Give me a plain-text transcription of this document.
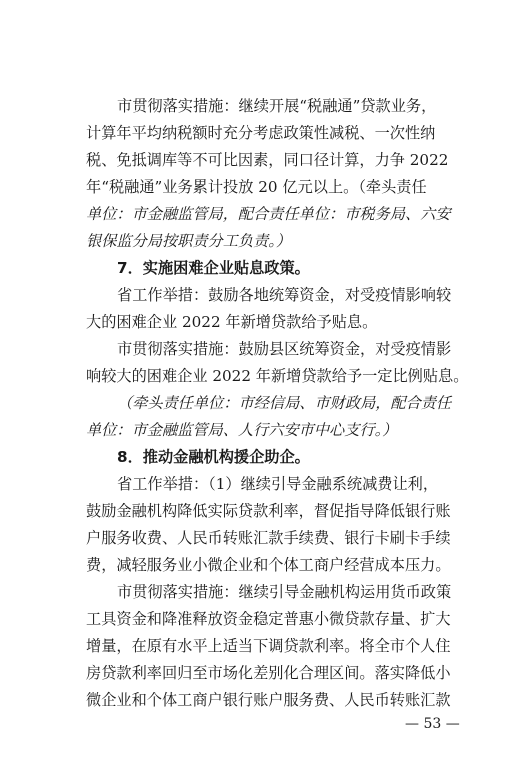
市贯彻落实措施：继续开展“税融通”贷款业务，
计算年平均纳税额时充分考虑政策性减税、一次性纳
税、免抵调库等不可比因素，同口径计算，力争 2022
年“税融通”业务累计投放 20 亿元以上。（牵头责任
单位：市金融监管局，配合责任单位：市税务局、六安
银保监分局按职责分工负责。）
7．实施困难企业贴息政策。
省工作举措：鼓励各地统筹资金，对受疫情影响较
大的困难企业 2022 年新增贷款给予贴息。
市贯彻落实措施：鼓励县区统筹资金，对受疫情影
响较大的困难企业 2022 年新增贷款给予一定比例贴息。
（牵头责任单位：市经信局、市财政局，配合责任
单位：市金融监管局、人行六安市中心支行。）
8．推动金融机构援企助企。
省工作举措：（1）继续引导金融系统减费让利，
鼓励金融机构降低实际贷款利率，督促指导降低银行账
户服务收费、人民币转账汇款手续费、银行卡刷卡手续
费，减轻服务业小微企业和个体工商户经营成本压力。
市贯彻落实措施：继续引导金融机构运用货币政策
工具资金和降准释放资金稳定普惠小微贷款存量、扩大
增量，在原有水平上适当下调贷款利率。将全市个人住
房贷款利率回归至市场化差别化合理区间。落实降低小
微企业和个体工商户银行账户服务费、人民币转账汇款
— 53 —
